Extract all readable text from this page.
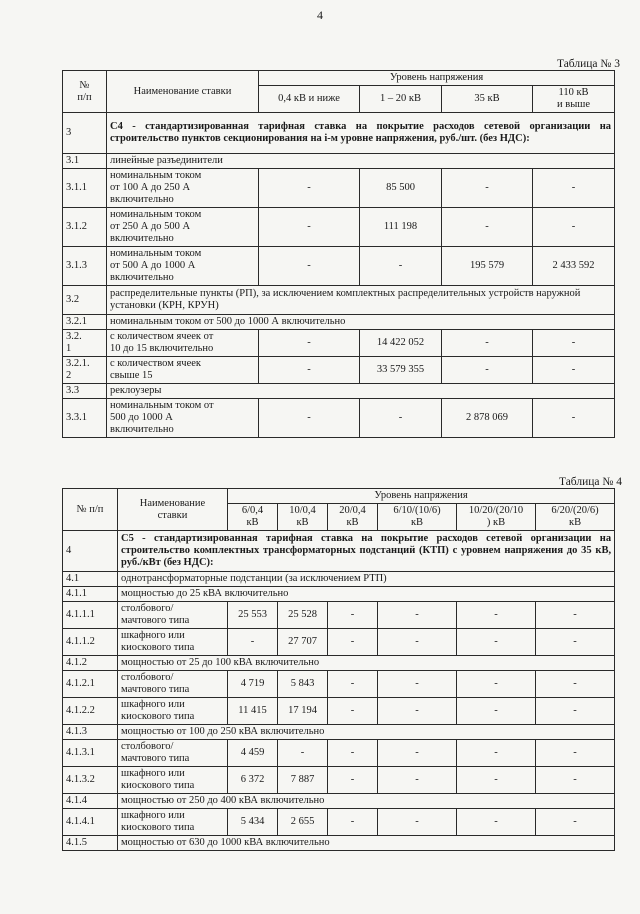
4
Таблица № 3
№
п/п	Наименование ставки	Уровень напряжения			
		0,4 кВ и ниже	1 – 20 кВ	35 кВ	110 кВ
и выше
3	С4 - стандартизированная тарифная ставка на покрытие расходов сетевой организации на строительство пунктов секционирования на i-м уровне напряжения, руб./шт. (без НДС):				
3.1	линейные разъединители				
3.1.1	номинальным током
от 100 А до 250 А
включительно	-	85 500	-	-
3.1.2	номинальным током
от 250 А до 500 А
включительно	-	111 198	-	-
3.1.3	номинальным током
от 500 А до 1000 А
включительно	-	-	195 579	2 433 592
3.2	распределительные пункты (РП), за исключением комплектных распределительных устройств наружной установки (КРН, КРУН)				
3.2.1	номинальным током от 500 до 1000 А включительно				
3.2.
1	с количеством ячеек от
10 до 15 включительно	-	14 422 052	-	-
3.2.1.
2	с количеством ячеек
свыше 15	-	33 579 355	-	-
3.3	реклоузеры				
3.3.1	номинальным током от
500 до 1000 А
включительно	-	-	2 878 069	-
Таблица № 4
№ п/п	Наименование
ставки	Уровень напряжения					
		6/0,4
кВ	10/0,4
кВ	20/0,4
кВ	6/10/(10/6)
кВ	10/20/(20/10
) кВ	6/20/(20/6)
кВ
4	С5 - стандартизированная тарифная ставка на покрытие расходов сетевой организации на строительство комплектных трансформаторных подстанций (КТП) с уровнем напряжения до 35 кВ, руб./кВт (без НДС):						
4.1	однотрансформаторные подстанции (за исключением РТП)						
4.1.1	мощностью до 25 кВА включительно						
4.1.1.1	столбового/
мачтового типа	25 553	25 528	-	-	-	-
4.1.1.2	шкафного или
киоскового типа	-	27 707	-	-	-	-
4.1.2	мощностью от 25 до 100 кВА включительно						
4.1.2.1	столбового/
мачтового типа	4 719	5 843	-	-	-	-
4.1.2.2	шкафного или
киоскового типа	11 415	17 194	-	-	-	-
4.1.3	мощностью от 100 до 250 кВА включительно						
4.1.3.1	столбового/
мачтового типа	4 459	-	-	-	-	-
4.1.3.2	шкафного или
киоскового типа	6 372	7 887	-	-	-	-
4.1.4	мощностью от 250 до 400 кВА включительно						
4.1.4.1	шкафного или
киоскового типа	5 434	2 655	-	-	-	-
4.1.5	мощностью от 630 до 1000 кВА включительно						
